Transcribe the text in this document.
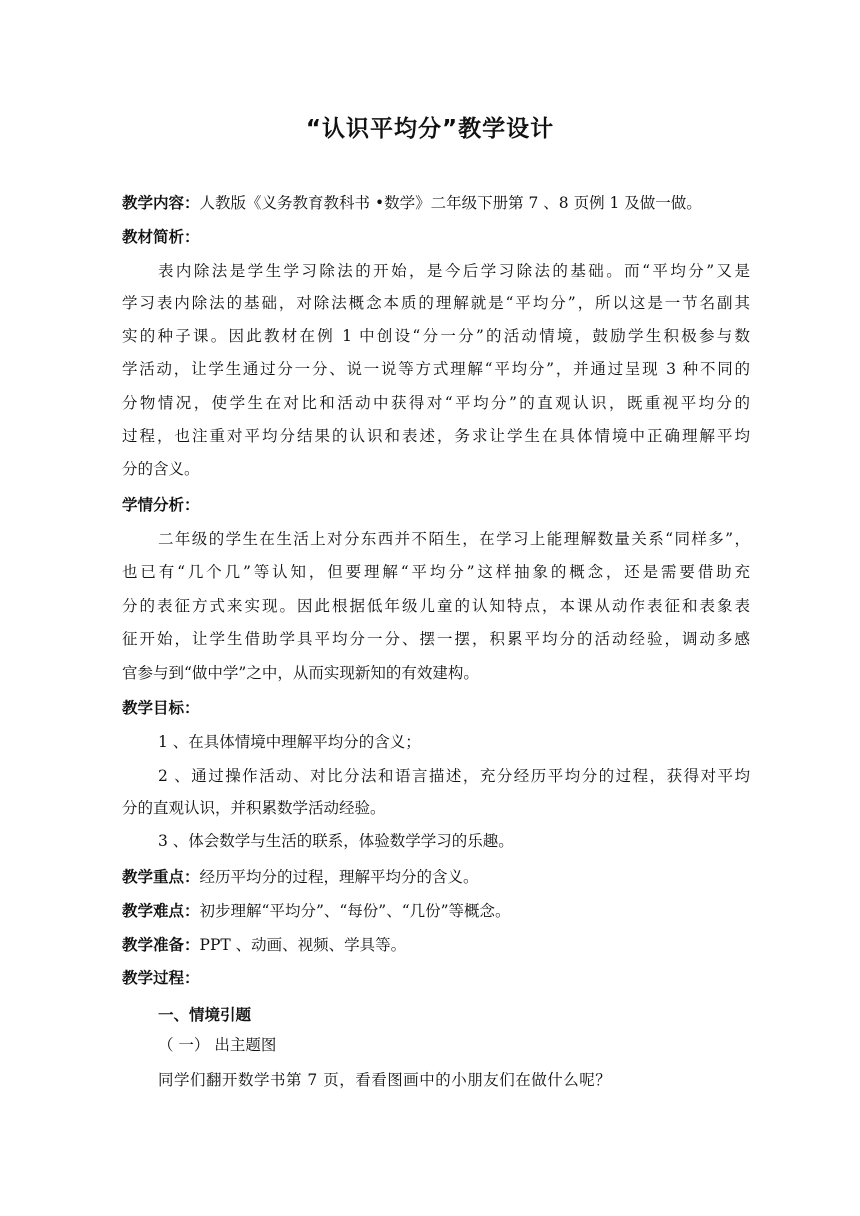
“认识平均分”教学设计
教学内容：人教版《义务教育教科书 •数学》二年级下册第 7 、8 页例 1 及做一做。
教材简析：
表内除法是学生学习除法的开始，是今后学习除法的基础。而“平均分”又是
学习表内除法的基础，对除法概念本质的理解就是“平均分”，所以这是一节名副其
实的种子课。因此教材在例 1 中创设“分一分”的活动情境，鼓励学生积极参与数
学活动，让学生通过分一分、说一说等方式理解“平均分”，并通过呈现 3 种不同的
分物情况，使学生在对比和活动中获得对“平均分”的直观认识，既重视平均分的
过程，也注重对平均分结果的认识和表述，务求让学生在具体情境中正确理解平均
分的含义。
学情分析：
二年级的学生在生活上对分东西并不陌生，在学习上能理解数量关系“同样多”，
也已有“几个几”等认知，但要理解“平均分”这样抽象的概念，还是需要借助充
分的表征方式来实现。因此根据低年级儿童的认知特点，本课从动作表征和表象表
征开始，让学生借助学具平均分一分、摆一摆，积累平均分的活动经验，调动多感
官参与到“做中学”之中，从而实现新知的有效建构。
教学目标：
1 、在具体情境中理解平均分的含义；
2 、通过操作活动、对比分法和语言描述，充分经历平均分的过程，获得对平均
分的直观认识，并积累数学活动经验。
3 、体会数学与生活的联系，体验数学学习的乐趣。
教学重点：经历平均分的过程，理解平均分的含义。
教学难点：初步理解“平均分”、“每份”、“几份”等概念。
教学准备：PPT 、动画、视频、学具等。
教学过程：
一、情境引题
（ 一） 出主题图
同学们翻开数学书第 7 页，看看图画中的小朋友们在做什么呢？
